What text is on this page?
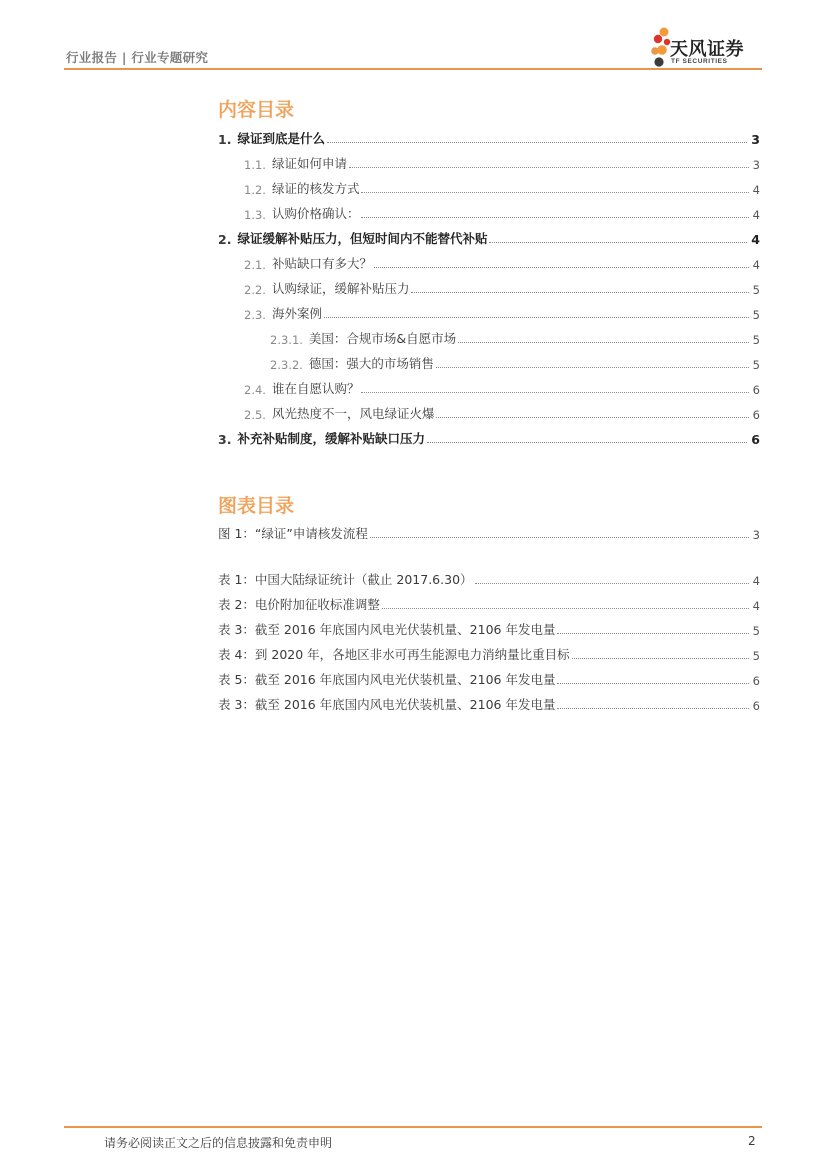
行业报告 | 行业专题研究	天风证券
TF SECURITIES
内容目录
1. 绿证到底是什么	3
1.1. 绿证如何申请	3
1.2. 绿证的核发方式	4
1.3. 认购价格确认：	4
2. 绿证缓解补贴压力，但短时间内不能替代补贴	4
2.1. 补贴缺口有多大？	4
2.2. 认购绿证，缓解补贴压力	5
2.3. 海外案例	5
2.3.1. 美国：合规市场&自愿市场	5
2.3.2. 德国：强大的市场销售	5
2.4. 谁在自愿认购？	6
2.5. 风光热度不一，风电绿证火爆	6
3. 补充补贴制度，缓解补贴缺口压力	6
图表目录
图 1：“绿证”申请核发流程	3
表 1：中国大陆绿证统计（截止 2017.6.30）	4
表 2：电价附加征收标准调整	4
表 3：截至 2016 年底国内风电光伏装机量、2106 年发电量	5
表 4：到 2020 年，各地区非水可再生能源电力消纳量比重目标	5
表 5：截至 2016 年底国内风电光伏装机量、2106 年发电量	6
表 3：截至 2016 年底国内风电光伏装机量、2106 年发电量	6
请务必阅读正文之后的信息披露和免责申明	2
